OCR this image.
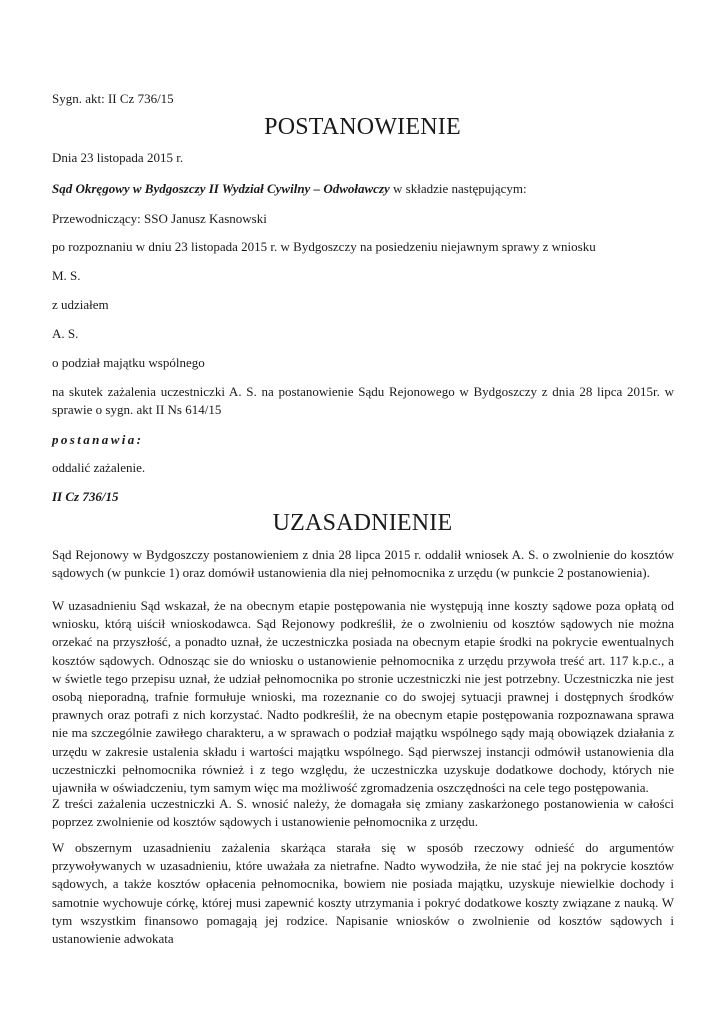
Sygn. akt: II Cz 736/15

POSTANOWIENIE

Dnia 23 listopada 2015 r.

Sąd Okręgowy w Bydgoszczy II Wydział Cywilny – Odwoławczy w składzie następującym:

Przewodniczący: SSO Janusz Kasnowski

po rozpoznaniu w dniu 23 listopada 2015 r. w Bydgoszczy na posiedzeniu niejawnym sprawy z wniosku

M. S.

z udziałem

A. S.

o podział majątku wspólnego

na skutek zażalenia uczestniczki A. S. na postanowienie Sądu Rejonowego w Bydgoszczy z dnia 28 lipca 2015r. w sprawie o sygn. akt II Ns 614/15

postanawia:

oddalić zażalenie.

II Cz 736/15

UZASADNIENIE

Sąd Rejonowy w Bydgoszczy postanowieniem z dnia 28 lipca 2015 r. oddalił wniosek A. S. o zwolnienie do kosztów sądowych (w punkcie 1) oraz domówił ustanowienia dla niej pełnomocnika z urzędu (w punkcie 2 postanowienia).

W uzasadnieniu Sąd wskazał, że na obecnym etapie postępowania nie występują inne koszty sądowe poza opłatą od wniosku, którą uiścił wnioskodawca. Sąd Rejonowy podkreślił, że o zwolnieniu od kosztów sądowych nie można orzekać na przyszłość, a ponadto uznał, że uczestniczka posiada na obecnym etapie środki na pokrycie ewentualnych kosztów sądowych. Odnosząc sie do wniosku o ustanowienie pełnomocnika z urzędu przywoła treść art. 117 k.p.c., a w świetle tego przepisu uznał, że udział pełnomocnika po stronie uczestniczki nie jest potrzebny. Uczestniczka nie jest osobą nieporadną, trafnie formułuje wnioski, ma rozeznanie co do swojej sytuacji prawnej i dostępnych środków prawnych oraz potrafi z nich korzystać. Nadto podkreślił, że na obecnym etapie postępowania rozpoznawana sprawa nie ma szczególnie zawiłego charakteru, a w sprawach o podział majątku wspólnego sądy mają obowiązek działania z urzędu w zakresie ustalenia składu i wartości majątku wspólnego. Sąd pierwszej instancji odmówił ustanowienia dla uczestniczki pełnomocnika również i z tego względu, że uczestniczka uzyskuje dodatkowe dochody, których nie ujawniła w oświadczeniu, tym samym więc ma możliwość zgromadzenia oszczędności na cele tego postępowania.

Z treści zażalenia uczestniczki A. S. wnosić należy, że domagała się zmiany zaskarżonego postanowienia w całości poprzez zwolnienie od kosztów sądowych i ustanowienie pełnomocnika z urzędu.

W obszernym uzasadnieniu zażalenia skarżąca starała się w sposób rzeczowy odnieść do argumentów przywoływanych w uzasadnieniu, które uważała za nietrafne. Nadto wywodziła, że nie stać jej na pokrycie kosztów sądowych, a także kosztów opłacenia pełnomocnika, bowiem nie posiada majątku, uzyskuje niewielkie dochody i samotnie wychowuje córkę, której musi zapewnić koszty utrzymania i pokryć dodatkowe koszty związane z nauką. W tym wszystkim finansowo pomagają jej rodzice. Napisanie wniosków o zwolnienie od kosztów sądowych i ustanowienie adwokata
